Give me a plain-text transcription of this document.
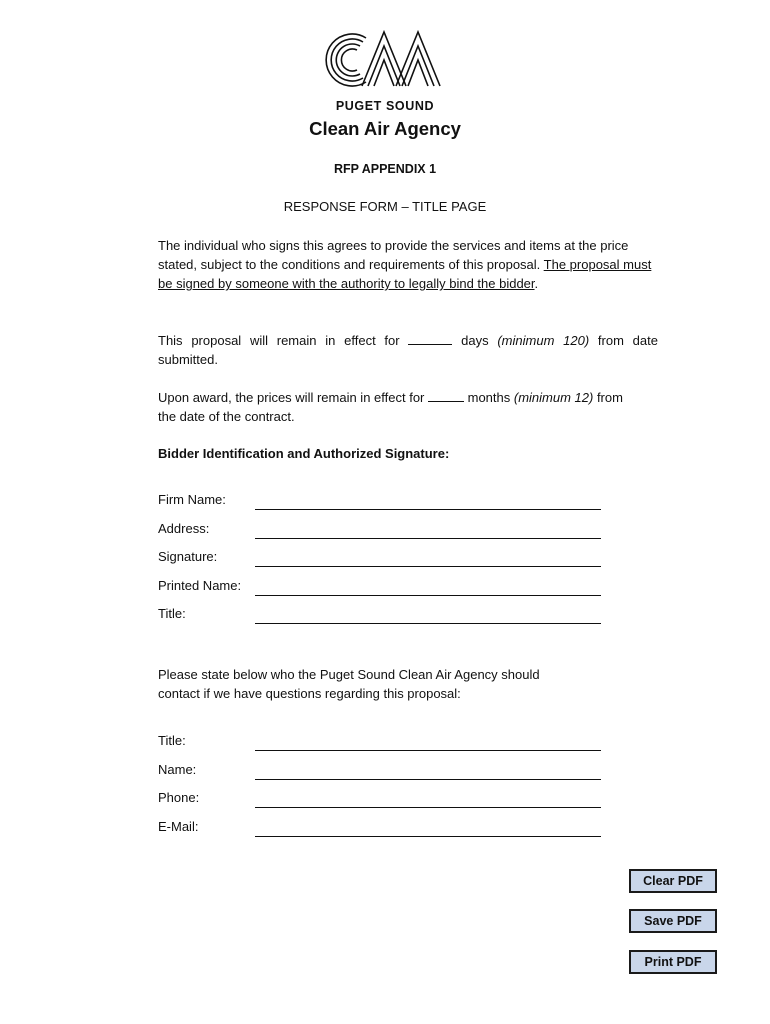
PUGET SOUND
Clean Air Agency
RFP APPENDIX 1
RESPONSE FORM – TITLE PAGE
The individual who signs this agrees to provide the services and items at the price stated, subject to the conditions and requirements of this proposal. The proposal must be signed by someone with the authority to legally bind the bidder.
This proposal will remain in effect for	days (minimum 120) from date submitted.
Upon award, the prices will remain in effect for	months (minimum 12) from the date of the contract.
Bidder Identification and Authorized Signature:
Firm Name:
Address:
Signature:
Printed Name:
Title:
Please state below who the Puget Sound Clean Air Agency should contact if we have questions regarding this proposal:
Title:
Name:
Phone:
E-Mail:
Clear PDF
Save PDF
Print PDF
